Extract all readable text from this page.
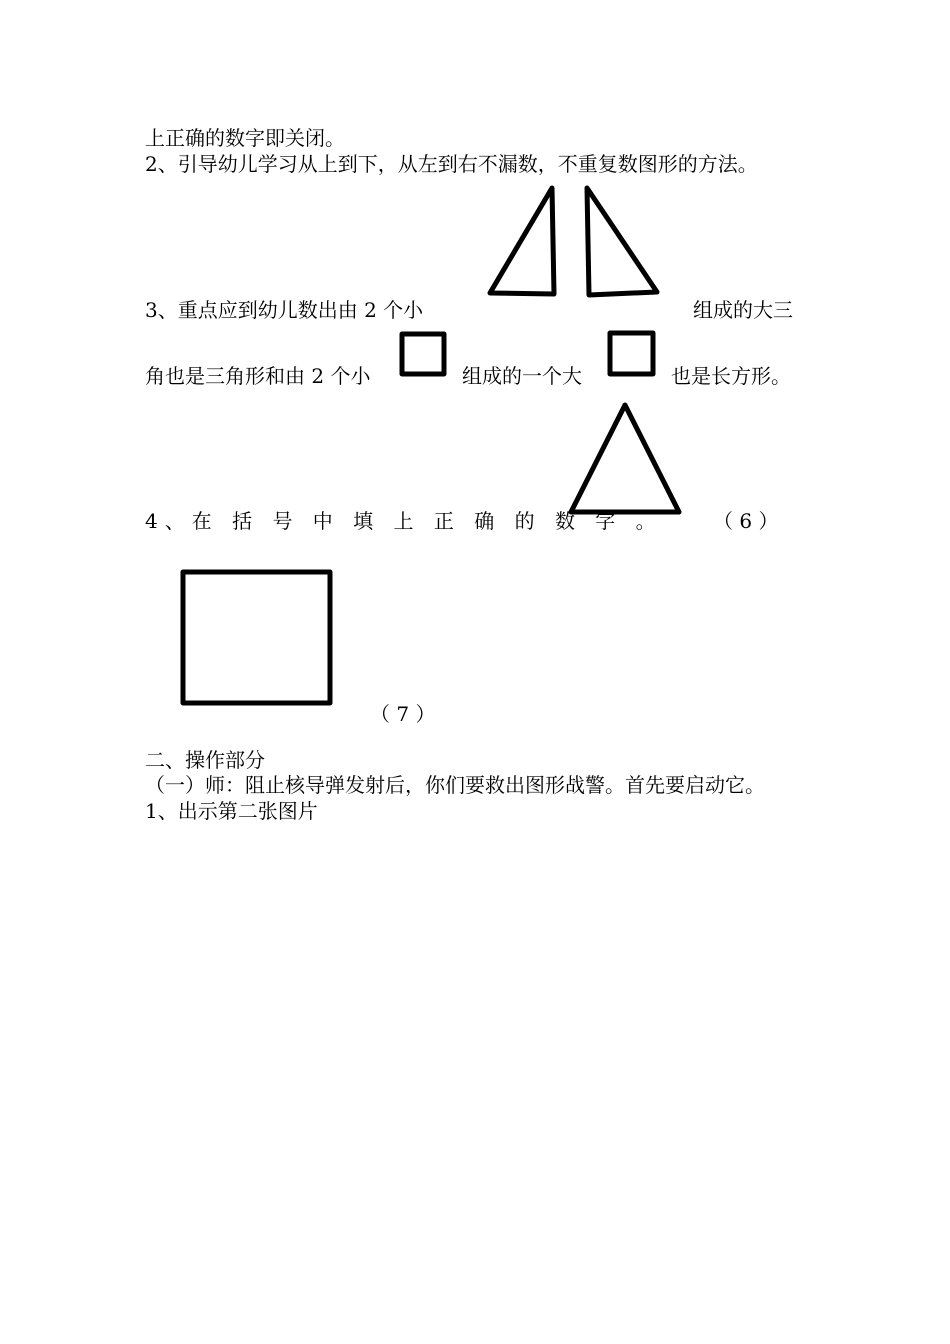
上正确的数字即关闭。
2、引导幼儿学习从上到下，从左到右不漏数，不重复数图形的方法。
3、重点应到幼儿数出由 2 个小	组成的大三
角也是三角形和由 2 个小	组成的一个大	也是长方形。
4、在 括 号 中 填 上 正 确 的 数 字 。	（ 6 ）
（ 7 ）
二、操作部分
（一）师：阻止核导弹发射后，你们要救出图形战警。首先要启动它。
1、出示第二张图片
